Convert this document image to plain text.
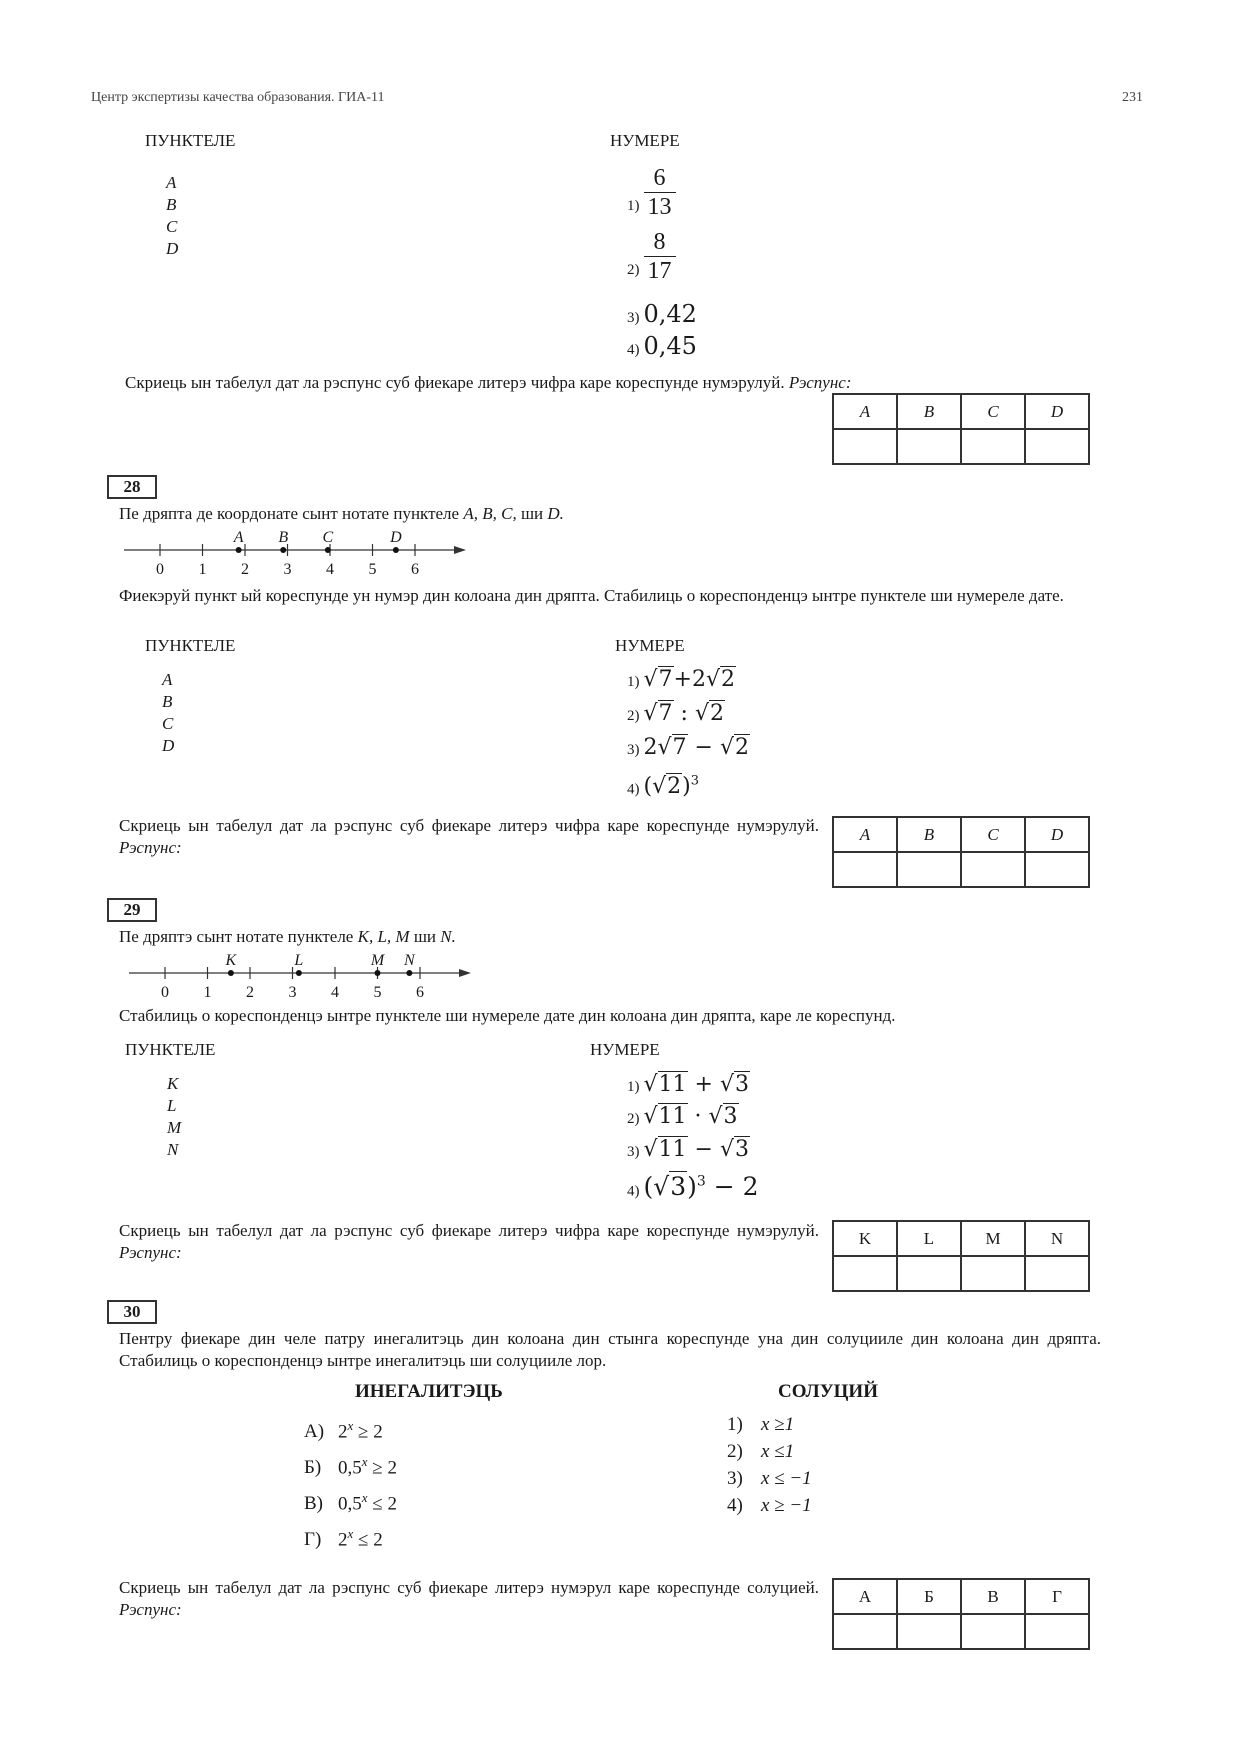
Центр экспертизы качества образования. ГИА-11	231
ПУНКТЕЛЕ	НУМЕРЕ
A
B
C
D
$1) \frac{6}{13}$
$2) \frac{8}{17}$
3) 0,42
4) 0,45
Скриець ын табелул дат ла рэспунс суб фиекаре литерэ чифра каре кореспунде нумэрулуй. Рэспунс:
A	B	C	D

28
Пе дряпта де коордонате сынт нотате пунктеле A, B, C, ши D.
0 1 2 3 4 5 6
A B C	D
Фиекэруй пункт ый кореспунде ун нумэр дин колоана дин дряпта. Стабилиць о кореспонденцэ ынтре пунктеле ши нумереле дате.
ПУНКТЕЛЕ	НУМЕРЕ
A
B
C
D
1) √7+2√2
2) √7 : √2
3) 2√7 − √2
4) $(√2)^3$
Скриець ын табелул дат ла рэспунс суб фиекаре литерэ чифра каре кореспунде нумэрулуй. Рэспунс:
A	B	C	D

29
Пе дряптэ сынт нотате пунктеле K, L, M ши N.
0 1 2 3 4 5 6
K	L	M N
Стабилиць о кореспонденцэ ынтре пунктеле ши нумереле дате дин колоана дин дряпта, каре ле кореспунд.
ПУНКТЕЛЕ	НУМЕРЕ
K
L
M
N
1) √11 + √3
2) √11 · √3
3) √11 − √3
4) $(√3)^3 - 2$
Скриець ын табелул дат ла рэспунс суб фиекаре литерэ чифра каре кореспунде нумэрулуй. Рэспунс:
K	L	M	N

30
Пентру фиекаре дин челе патру инегалитэць дин колоана дин стынга кореспунде уна дин солуцииле дин колоана дин дряпта. Стабилиць о кореспонденцэ ынтре инегалитэць ши солуцииле лор.
ИНЕГАЛИТЭЦЬ	СОЛУЦИЙ
А) $2^x \ge 2$
Б) $0,5^x \ge 2$
В) $0,5^x \le 2$
Г) $2^x \le 2$
1) x ≥1
2) x ≤1
3) x ≤ −1
4) x ≥ −1
Скриець ын табелул дат ла рэспунс суб фиекаре литерэ нумэрул каре кореспунде солуцией. Рэспунс:
А	Б	В	Г
